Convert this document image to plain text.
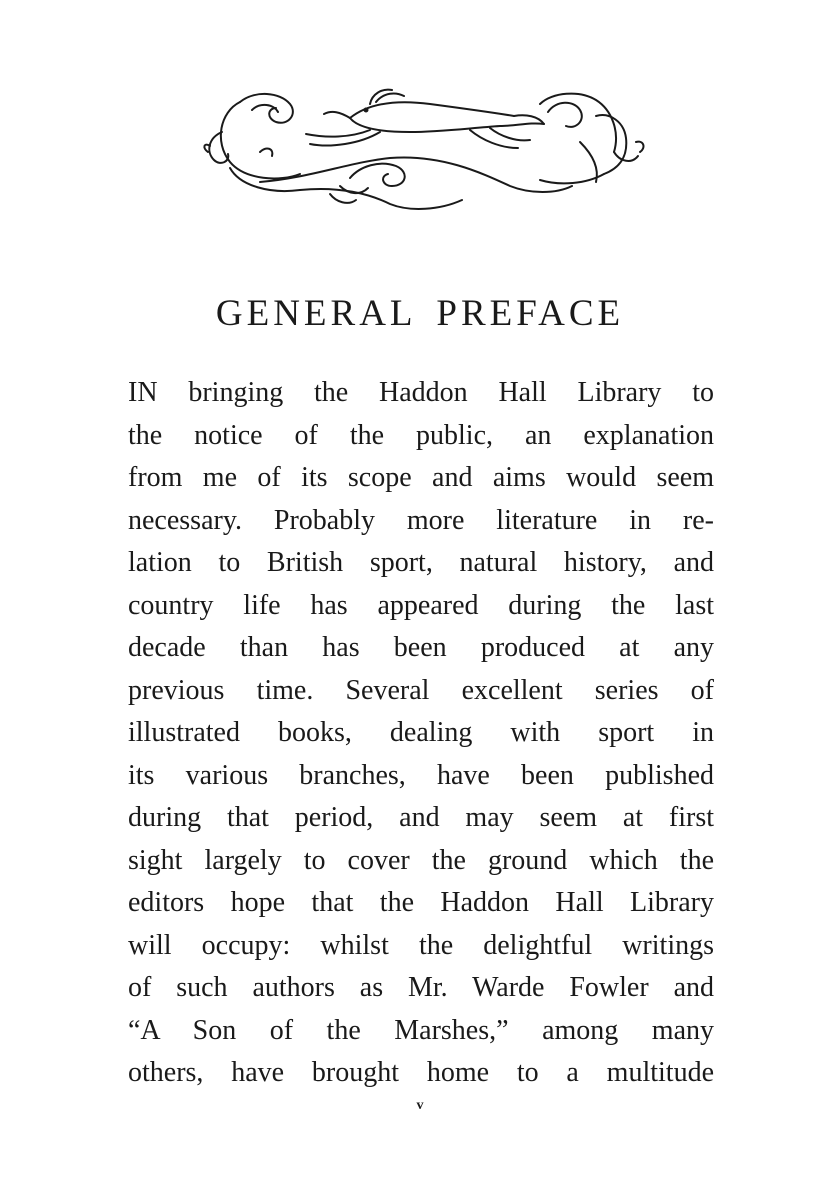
GENERAL PREFACE
IN bringing the Haddon Hall Library to
the notice of the public, an explanation
from me of its scope and aims would seem
necessary. Probably more literature in re-
lation to British sport, natural history, and
country life has appeared during the last
decade than has been produced at any
previous time. Several excellent series of
illustrated books, dealing with sport in
its various branches, have been published
during that period, and may seem at first
sight largely to cover the ground which the
editors hope that the Haddon Hall Library
will occupy: whilst the delightful writings
of such authors as Mr. Warde Fowler and
“A Son of the Marshes,” among many
others, have brought home to a multitude
v
